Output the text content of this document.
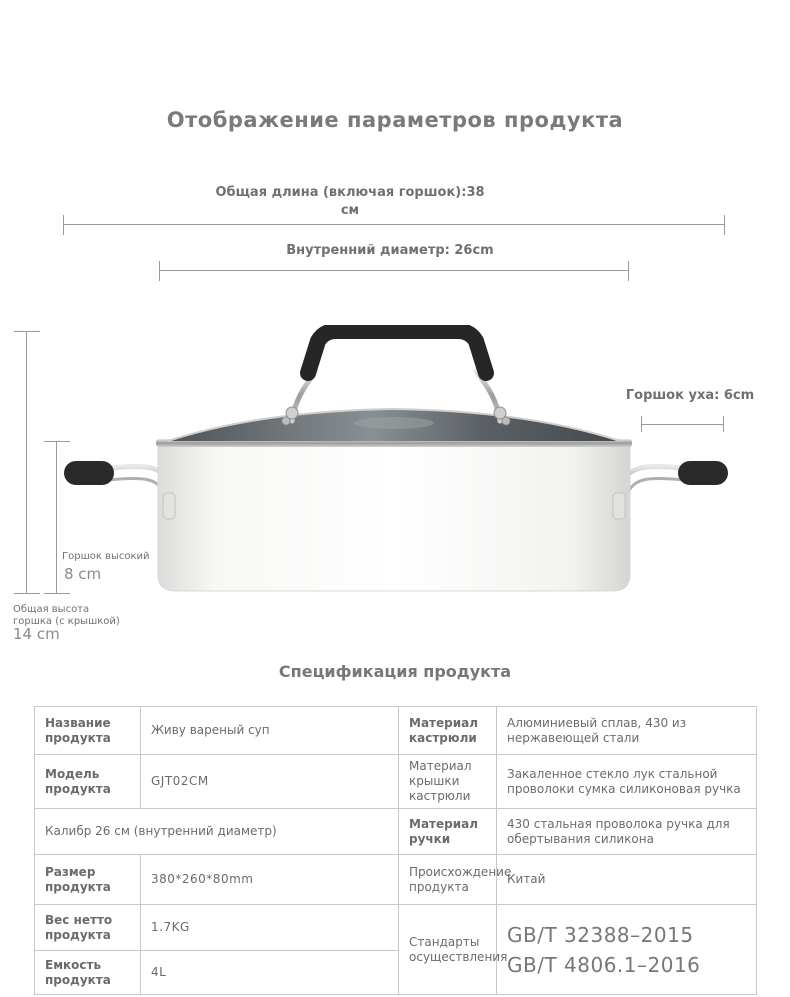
Отображение параметров продукта
Общая длина (включая горшок):38 см
Внутренний диаметр: 26cm
Горшок уха: 6cm
Горшок высокий
8 cm
Общая высота горшка (с крышкой)
14 cm
Спецификация продукта
Название продукта	Живу вареный суп	Материал кастрюли	Алюминиевый сплав, 430 из нержавеющей стали
Модель продукта	GJT02CM	Материал крышки кастрюли	Закаленное стекло лук стальной проволоки сумка силиконовая ручка
Калибр 26 см (внутренний диаметр)		Материал ручки	430 стальная проволока ручка для обертывания силикона
Размер продукта	380*260*80mm	Происхождение продукта	Китай
Вес нетто продукта	1.7KG	Стандарты осуществления	GB/T 32388–2015
GB/T 4806.1–2016

Емкость продукта	4L		
